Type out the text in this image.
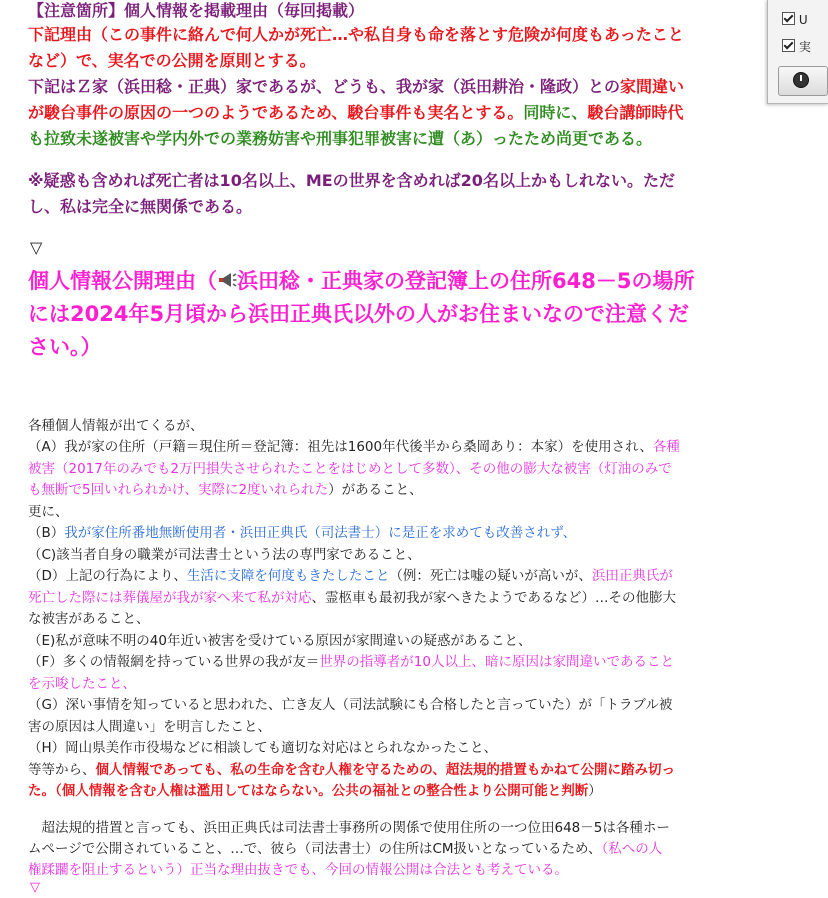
【注意箇所】個人情報を掲載理由（毎回掲載）
下記理由（この事件に絡んで何人かが死亡…や私自身も命を落とす危険が何度もあったこと
など）で、実名での公開を原則とする。
下記はＺ家（浜田稔・正典）家であるが、どうも、我が家（浜田耕治・隆政）との家間違い
が駿台事件の原因の一つのようであるため、駿台事件も実名とする。同時に、駿台講師時代
も拉致未遂被害や学内外での業務妨害や刑事犯罪被害に遭（あ）ったため尚更である。
※疑惑も含めれば死亡者は10名以上、MEの世界を含めれば20名以上かもしれない。ただ
し、私は完全に無関係である。
▽
個人情報公開理由（ 浜田稔・正典家の登記簿上の住所648－5の場所
には2024年5月頃から浜田正典氏以外の人がお住まいなので注意くだ
さい。）
各種個人情報が出てくるが、
（A）我が家の住所（戸籍＝現住所＝登記簿：祖先は1600年代後半から桑岡あり：本家）を使用され、各種
被害（2017年のみでも2万円損失させられたことをはじめとして多数）、その他の膨大な被害（灯油のみで
も無断で5回いれられかけ、実際に2度いれられた）があること、
更に、
（B）我が家住所番地無断使用者・浜田正典氏（司法書士）に是正を求めても改善されず、
（C)該当者自身の職業が司法書士という法の専門家であること、
（D）上記の行為により、生活に支障を何度もきたしたこと（例：死亡は嘘の疑いが高いが、浜田正典氏が
死亡した際には葬儀屋が我が家へ来て私が対応、霊柩車も最初我が家へきたようであるなど）…その他膨大
な被害があること、
（E)私が意味不明の40年近い被害を受けている原因が家間違いの疑惑があること、
（F）多くの情報網を持っている世界の我が友＝世界の指導者が10人以上、暗に原因は家間違いであること
を示唆したこと、
（G）深い事情を知っていると思われた、亡き友人（司法試験にも合格したと言っていた）が「トラブル被
害の原因は人間違い」を明言したこと、
（H）岡山県美作市役場などに相談しても適切な対応はとられなかったこと、
等等から、個人情報であっても、私の生命を含む人権を守るための、超法規的措置もかねて公開に踏み切っ
た。（個人情報を含む人権は濫用してはならない。公共の福祉との整合性より公開可能と判断）
　超法規的措置と言っても、浜田正典氏は司法書士事務所の関係で使用住所の一つ位田648－5は各種ホー
ムページで公開されていること、…で、彼ら（司法書士）の住所はCM扱いとなっているため、（私への人
権蹂躙を阻止するという）正当な理由抜きでも、今回の情報公開は合法とも考えている。
▽
U
実
